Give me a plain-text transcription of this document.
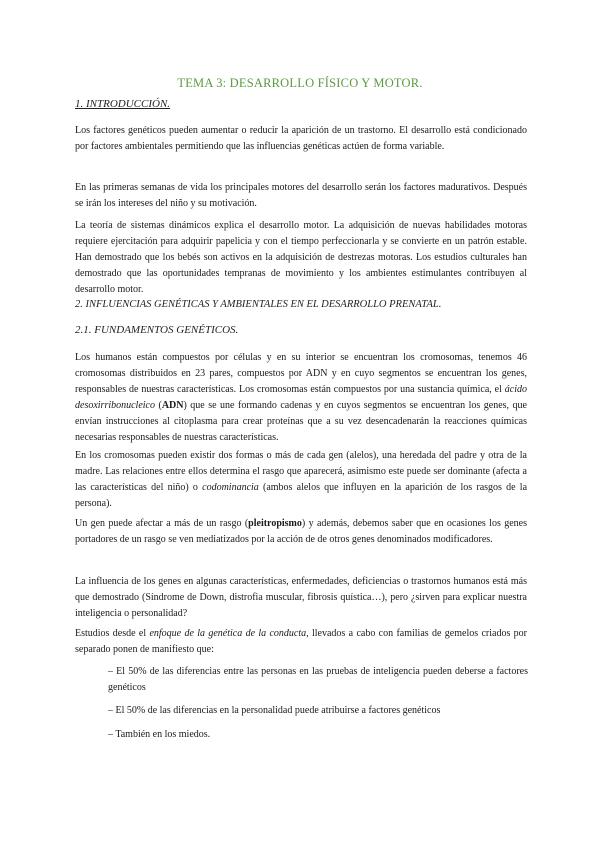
TEMA 3: DESARROLLO FÍSICO Y MOTOR.
1. INTRODUCCIÓN.
Los factores genéticos pueden aumentar o reducir la aparición de un trastorno. El desarrollo está condicionado por factores ambientales permitiendo que las influencias genéticas actúen de forma variable.
En las primeras semanas de vida los principales motores del desarrollo serán los factores madurativos. Después se irán los intereses del niño y su motivación.
La teoría de sistemas dinámicos explica el desarrollo motor. La adquisición de nuevas habilidades motoras requiere ejercitación para adquirir papelicia y con el tiempo perfeccionarla y se convierte en un patrón estable. Han demostrado que los bebés son activos en la adquisición de destrezas motoras. Los estudios culturales han demostrado que las oportunidades tempranas de movimiento y los ambientes estimulantes contribuyen al desarrollo motor.
2. INFLUENCIAS GENÉTICAS Y AMBIENTALES EN EL DESARROLLO PRENATAL.
2.1. FUNDAMENTOS GENÉTICOS.
Los humanos están compuestos por células y en su interior se encuentran los cromosomas, tenemos 46 cromosomas distribuidos en 23 pares, compuestos por ADN y en cuyo segmentos se encuentran los genes, responsables de nuestras características. Los cromosomas están compuestos por una sustancia química, el ácido desoxirribonucleico (ADN) que se une formando cadenas y en cuyos segmentos se encuentran los genes, que envían instrucciones al citoplasma para crear proteínas que a su vez desencadenarán la reacciones químicas necesarias responsables de nuestras características.
En los cromosomas pueden existir dos formas o más de cada gen (alelos), una heredada del padre y otra de la madre. Las relaciones entre ellos determina el rasgo que aparecerá, asimismo este puede ser dominante (afecta a las características del niño) o codominancia (ambos alelos que influyen en la aparición de los rasgos de la persona).
Un gen puede afectar a más de un rasgo (pleitropismo) y además, debemos saber que en ocasiones los genes portadores de un rasgo se ven mediatizados por la acción de de otros genes denominados modificadores.
La influencia de los genes en algunas características, enfermedades, deficiencias o trastornos humanos está más que demostrado (Síndrome de Down, distrofia muscular, fibrosis quística…), pero ¿sirven para explicar nuestra inteligencia o personalidad?
Estudios desde el enfoque de la genética de la conducta, llevados a cabo con familias de gemelos criados por separado ponen de manifiesto que:
– El 50% de las diferencias entre las personas en las pruebas de inteligencia pueden deberse a factores genéticos
– El 50% de las diferencias en la personalidad puede atribuirse a factores genéticos
– También en los miedos.
